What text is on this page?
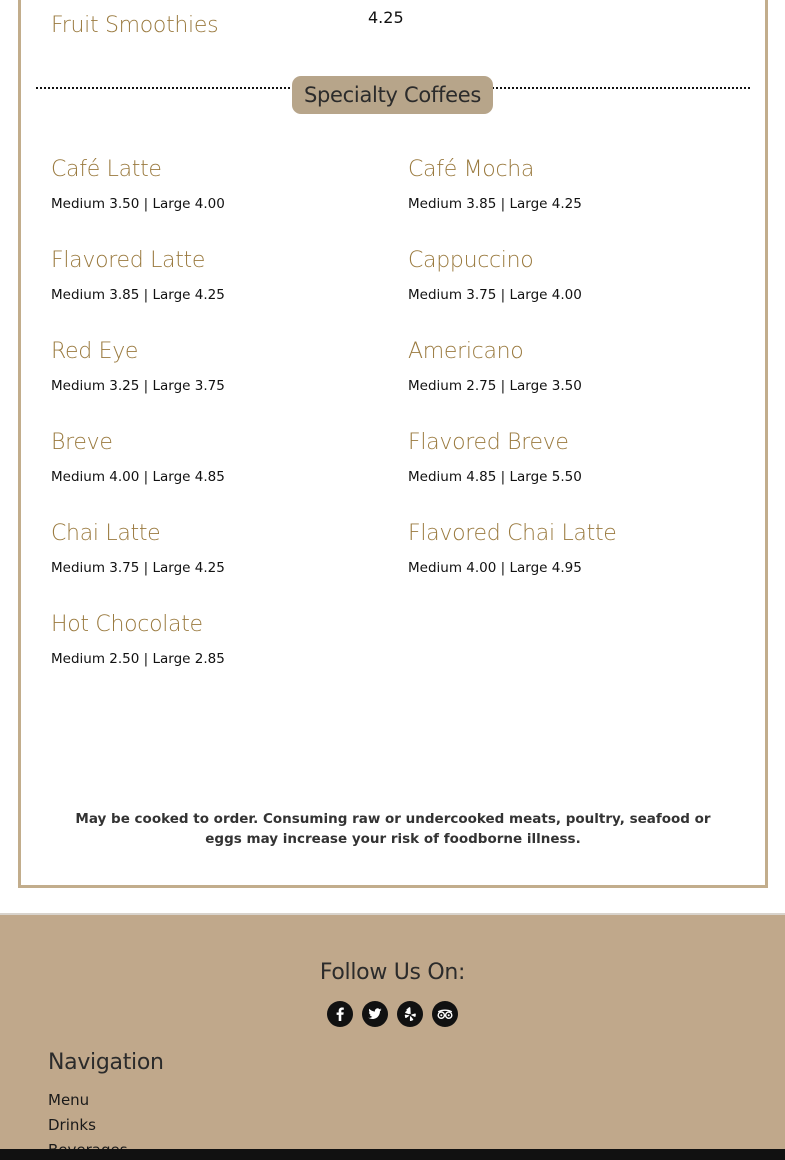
Fruit Smoothies	4.25
Specialty Coffees
Café Latte
Medium 3.50 | Large 4.00
Café Mocha
Medium 3.85 | Large 4.25
Flavored Latte
Medium 3.85 | Large 4.25
Cappuccino
Medium 3.75 | Large 4.00
Red Eye
Medium 3.25 | Large 3.75
Americano
Medium 2.75 | Large 3.50
Breve
Medium 4.00 | Large 4.85
Flavored Breve
Medium 4.85 | Large 5.50
Chai Latte
Medium 3.75 | Large 4.25
Flavored Chai Latte
Medium 4.00 | Large 4.95
Hot Chocolate
Medium 2.50 | Large 2.85
May be cooked to order. Consuming raw or undercooked meats, poultry, seafood or eggs may increase your risk of foodborne illness.
Follow Us On:
Navigation
Menu
Drinks
